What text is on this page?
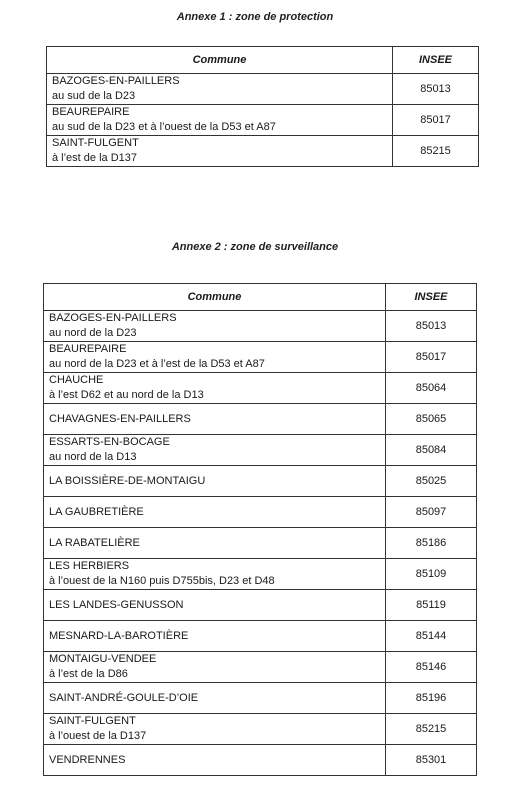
Annexe 1 : zone de protection
Commune	INSEE

BAZOGES-EN-PAILLERS
au sud de la D23	85013

BEAUREPAIRE
au sud de la D23 et à l’ouest de la D53 et A87	85017

SAINT-FULGENT
à l’est de la D137	85215
Annexe 2 : zone de surveillance
Commune	INSEE

BAZOGES-EN-PAILLERS
au nord de la D23	85013

BEAUREPAIRE
au nord de la D23 et à l’est de la D53 et A87	85017

CHAUCHE
à l’est D62 et au nord de la D13	85064

CHAVAGNES-EN-PAILLERS	85065

ESSARTS-EN-BOCAGE
au nord de la D13	85084

LA BOISSIÈRE-DE-MONTAIGU	85025

LA GAUBRETIÈRE	85097

LA RABATELIÈRE	85186

LES HERBIERS
à l’ouest de la N160 puis D755bis, D23 et D48	85109

LES LANDES-GENUSSON	85119

MESNARD-LA-BAROTIÈRE	85144

MONTAIGU-VENDEE
à l’est de la D86	85146

SAINT-ANDRÉ-GOULE-D’OIE	85196

SAINT-FULGENT
à l’ouest de la D137	85215

VENDRENNES	85301
